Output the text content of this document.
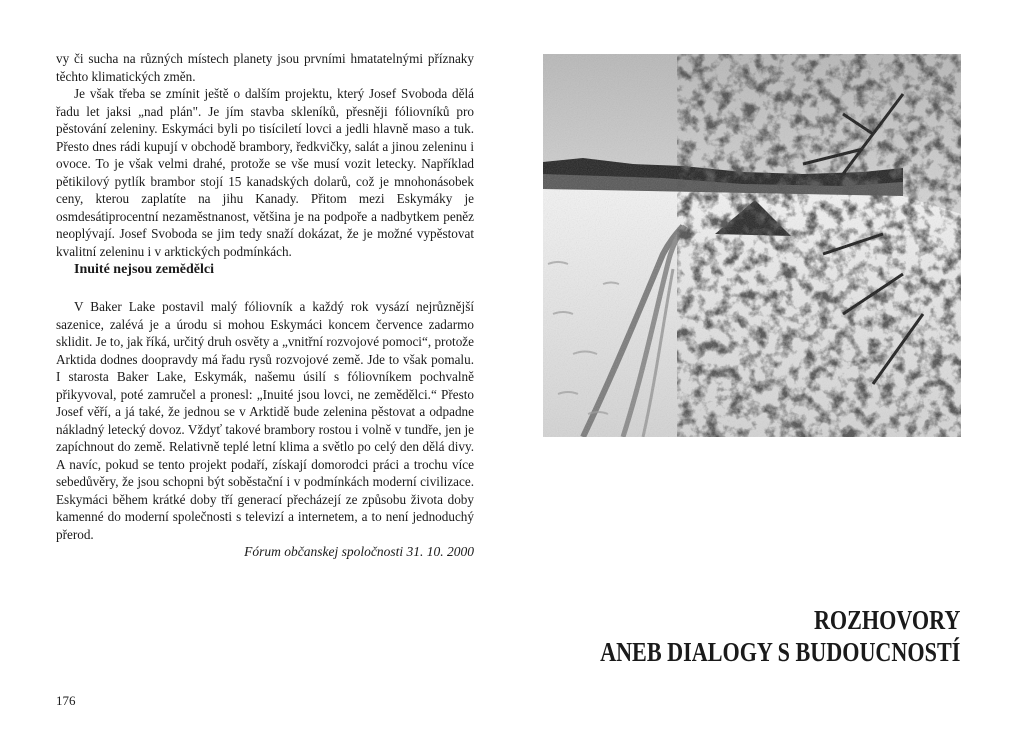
vy či sucha na různých místech planety jsou prvními hmatatelnými příznaky těchto klimatických změn.

Je však třeba se zmínit ještě o dalším projektu, který Josef Svoboda dělá řadu let jaksi „nad plán". Je jím stavba skleníků, přesněji fóliovníků pro pěstování zeleniny. Eskymáci byli po tisíciletí lovci a jedli hlavně maso a tuk. Přesto dnes rádi kupují v obchodě brambory, ředkvičky, salát a jinou zeleninu i ovoce. To je však velmi drahé, protože se vše musí vozit letecky. Například pětikilový pytlík brambor stojí 15 kanadských dolarů, což je mnohonásobek ceny, kterou zaplatíte na jihu Kanady. Přitom mezi Eskymáky je osmdesátiprocentní nezaměstnanost, většina je na podpoře a nadbytkem peněz neoplývají. Josef Svoboda se jim tedy snaží dokázat, že je možné vypěstovat kvalitní zeleninu i v arktických podmínkách.

Inuité nejsou zemědělci

V Baker Lake postavil malý fóliovník a každý rok vysází nejrůznější sazenice, zalévá je a úrodu si mohou Eskymáci koncem července zadarmo sklidit. Je to, jak říká, určitý druh osvěty a „vnitřní rozvojové pomoci“, protože Arktida dodnes doopravdy má řadu rysů rozvojové země. Jde to však pomalu. I starosta Baker Lake, Eskymák, našemu úsilí s fóliovníkem pochvalně přikyvoval, poté zamručel a pronesl: „Inuité jsou lovci, ne zemědělci.“ Přesto Josef věří, a já také, že jednou se v Arktidě bude zelenina pěstovat a odpadne nákladný letecký dovoz. Vždyť takové brambory rostou i volně v tundře, jen je zapíchnout do země. Relativně teplé letní klima a světlo po celý den dělá divy. A navíc, pokud se tento projekt podaří, získají domorodci práci a trochu více sebedůvěry, že jsou schopni být soběstační i v podmínkách moderní civilizace. Eskymáci během krátké doby tří generací přecházejí ze způsobu života doby kamenné do moderní společnosti s televizí a internetem, a to není jednoduchý přerod.

Fórum občanskej spoločnosti 31. 10. 2000

176

ROZHOVORY
ANEB DIALOGY S BUDOUCNOSTÍ
